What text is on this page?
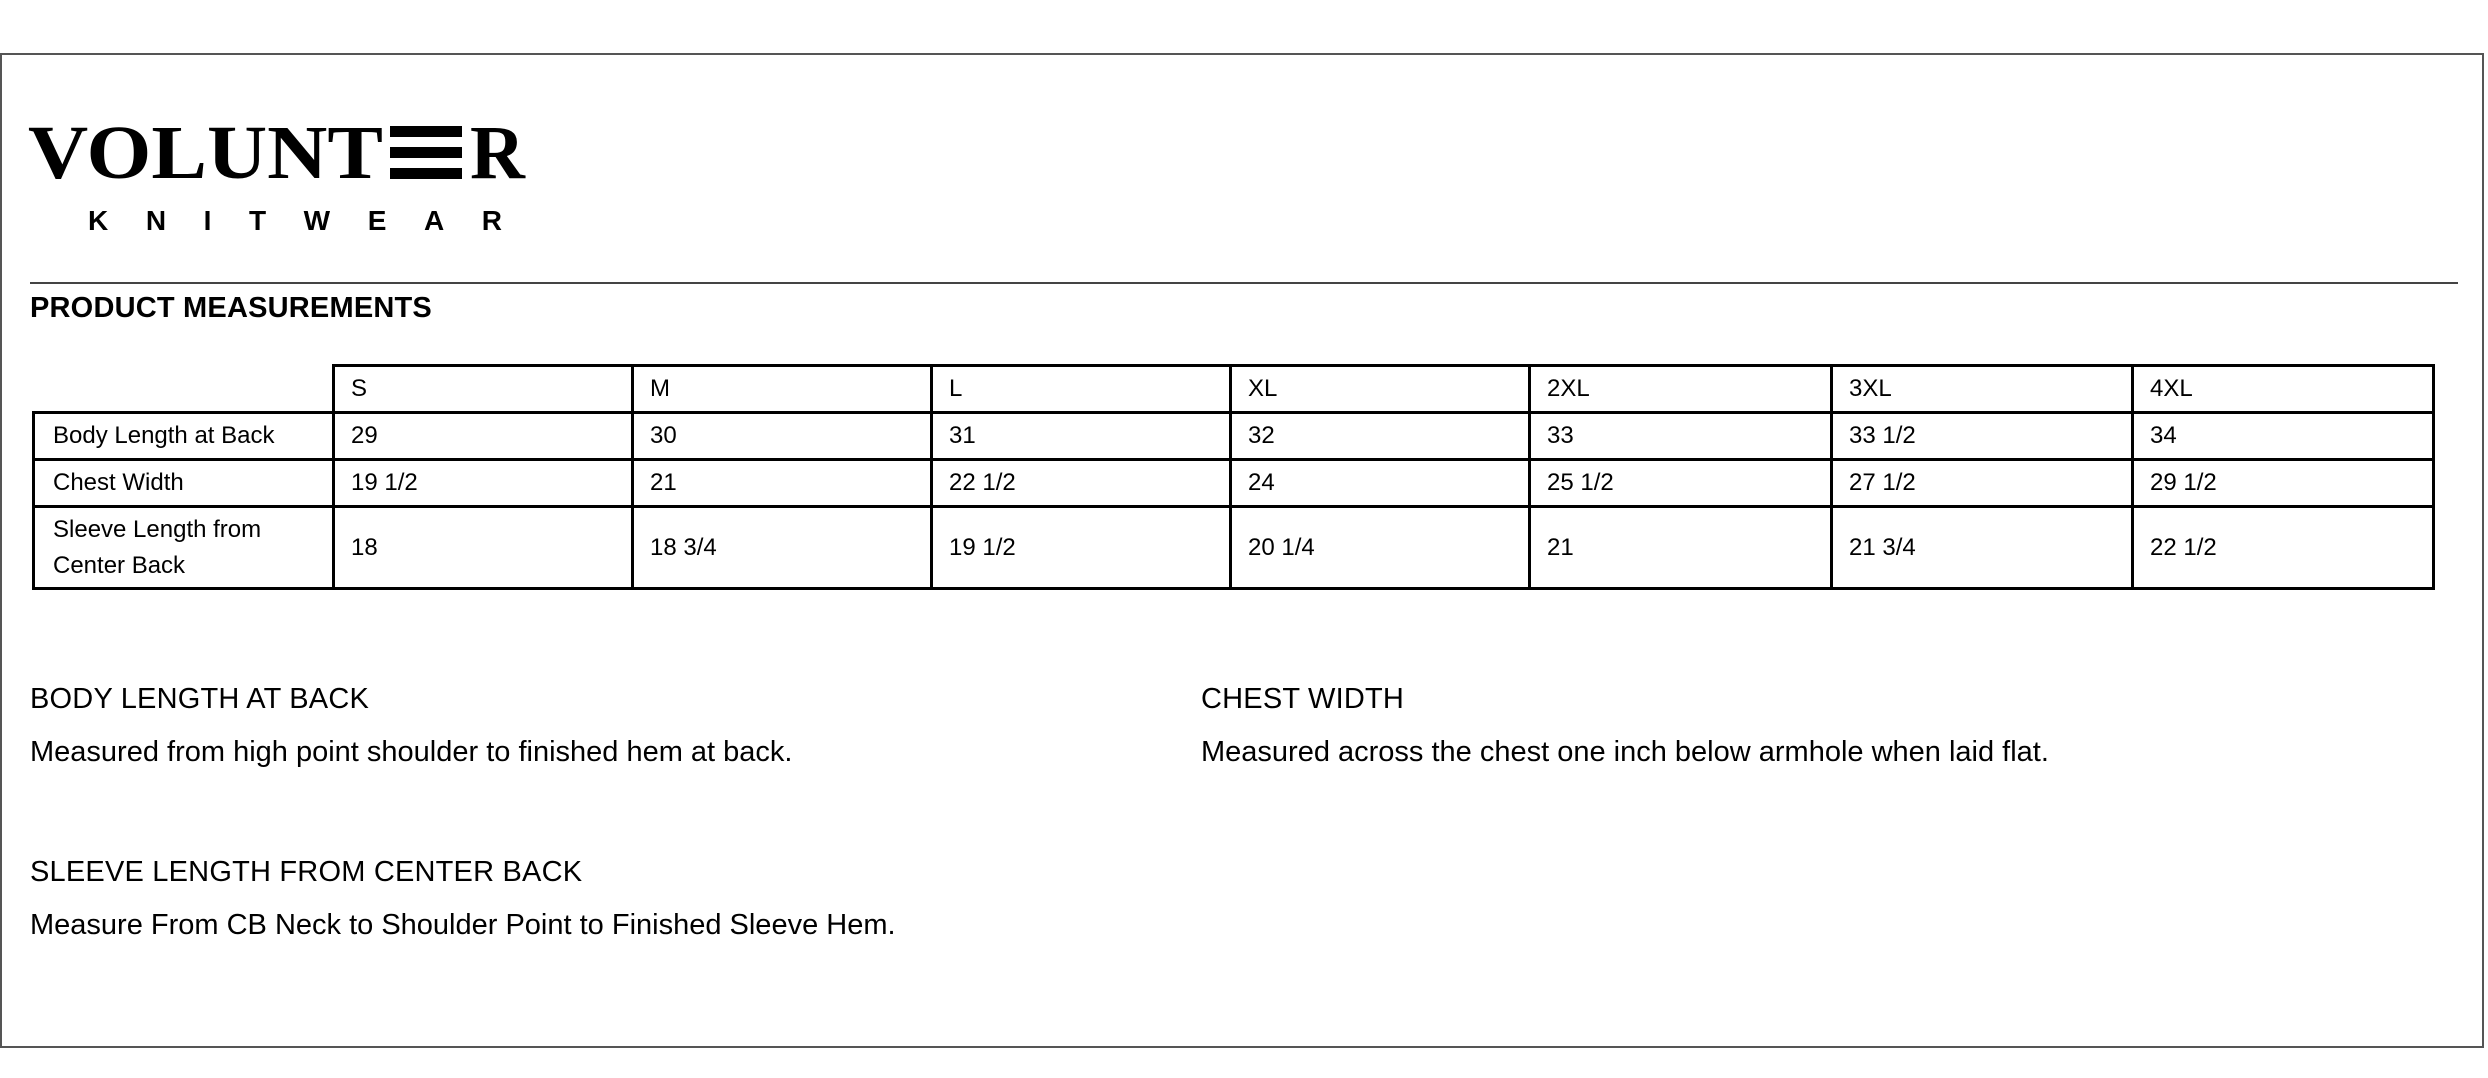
VOLUNT R
KNITWEAR
PRODUCT MEASUREMENTS
	S	M	L	XL	2XL	3XL	4XL
Body Length at Back	29	30	31	32	33	33 1/2	34
Chest Width	19 1/2	21	22 1/2	24	25 1/2	27 1/2	29 1/2
Sleeve Length from Center Back	18	18 3/4	19 1/2	20 1/4	21	21 3/4	22 1/2
BODY LENGTH AT BACK
Measured from high point shoulder to finished hem at back.
CHEST WIDTH
Measured across the chest one inch below armhole when laid flat.
SLEEVE LENGTH FROM CENTER BACK
Measure From CB Neck to Shoulder Point to Finished Sleeve Hem.
